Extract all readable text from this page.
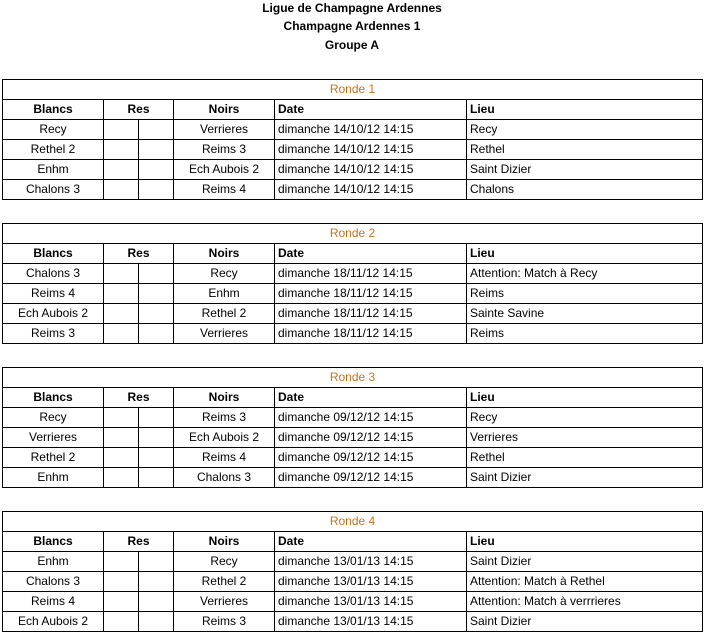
Ligue de Champagne Ardennes
Champagne Ardennes 1
Groupe A
Ronde 1				
Blancs	Res	Noirs	Date	Lieu
Recy		Verrieres	dimanche 14/10/12 14:15	Recy
Rethel 2		Reims 3	dimanche 14/10/12 14:15	Rethel
Enhm		Ech Aubois 2	dimanche 14/10/12 14:15	Saint Dizier
Chalons 3		Reims 4	dimanche 14/10/12 14:15	Chalons
Ronde 2				
Blancs	Res	Noirs	Date	Lieu
Chalons 3		Recy	dimanche 18/11/12 14:15	Attention: Match à Recy
Reims 4		Enhm	dimanche 18/11/12 14:15	Reims
Ech Aubois 2		Rethel 2	dimanche 18/11/12 14:15	Sainte Savine
Reims 3		Verrieres	dimanche 18/11/12 14:15	Reims
Ronde 3				
Blancs	Res	Noirs	Date	Lieu
Recy		Reims 3	dimanche 09/12/12 14:15	Recy
Verrieres		Ech Aubois 2	dimanche 09/12/12 14:15	Verrieres
Rethel 2		Reims 4	dimanche 09/12/12 14:15	Rethel
Enhm		Chalons 3	dimanche 09/12/12 14:15	Saint Dizier
Ronde 4				
Blancs	Res	Noirs	Date	Lieu
Enhm		Recy	dimanche 13/01/13 14:15	Saint Dizier
Chalons 3		Rethel 2	dimanche 13/01/13 14:15	Attention: Match à Rethel
Reims 4		Verrieres	dimanche 13/01/13 14:15	Attention: Match à verrrieres
Ech Aubois 2		Reims 3	dimanche 13/01/13 14:15	Saint Dizier
